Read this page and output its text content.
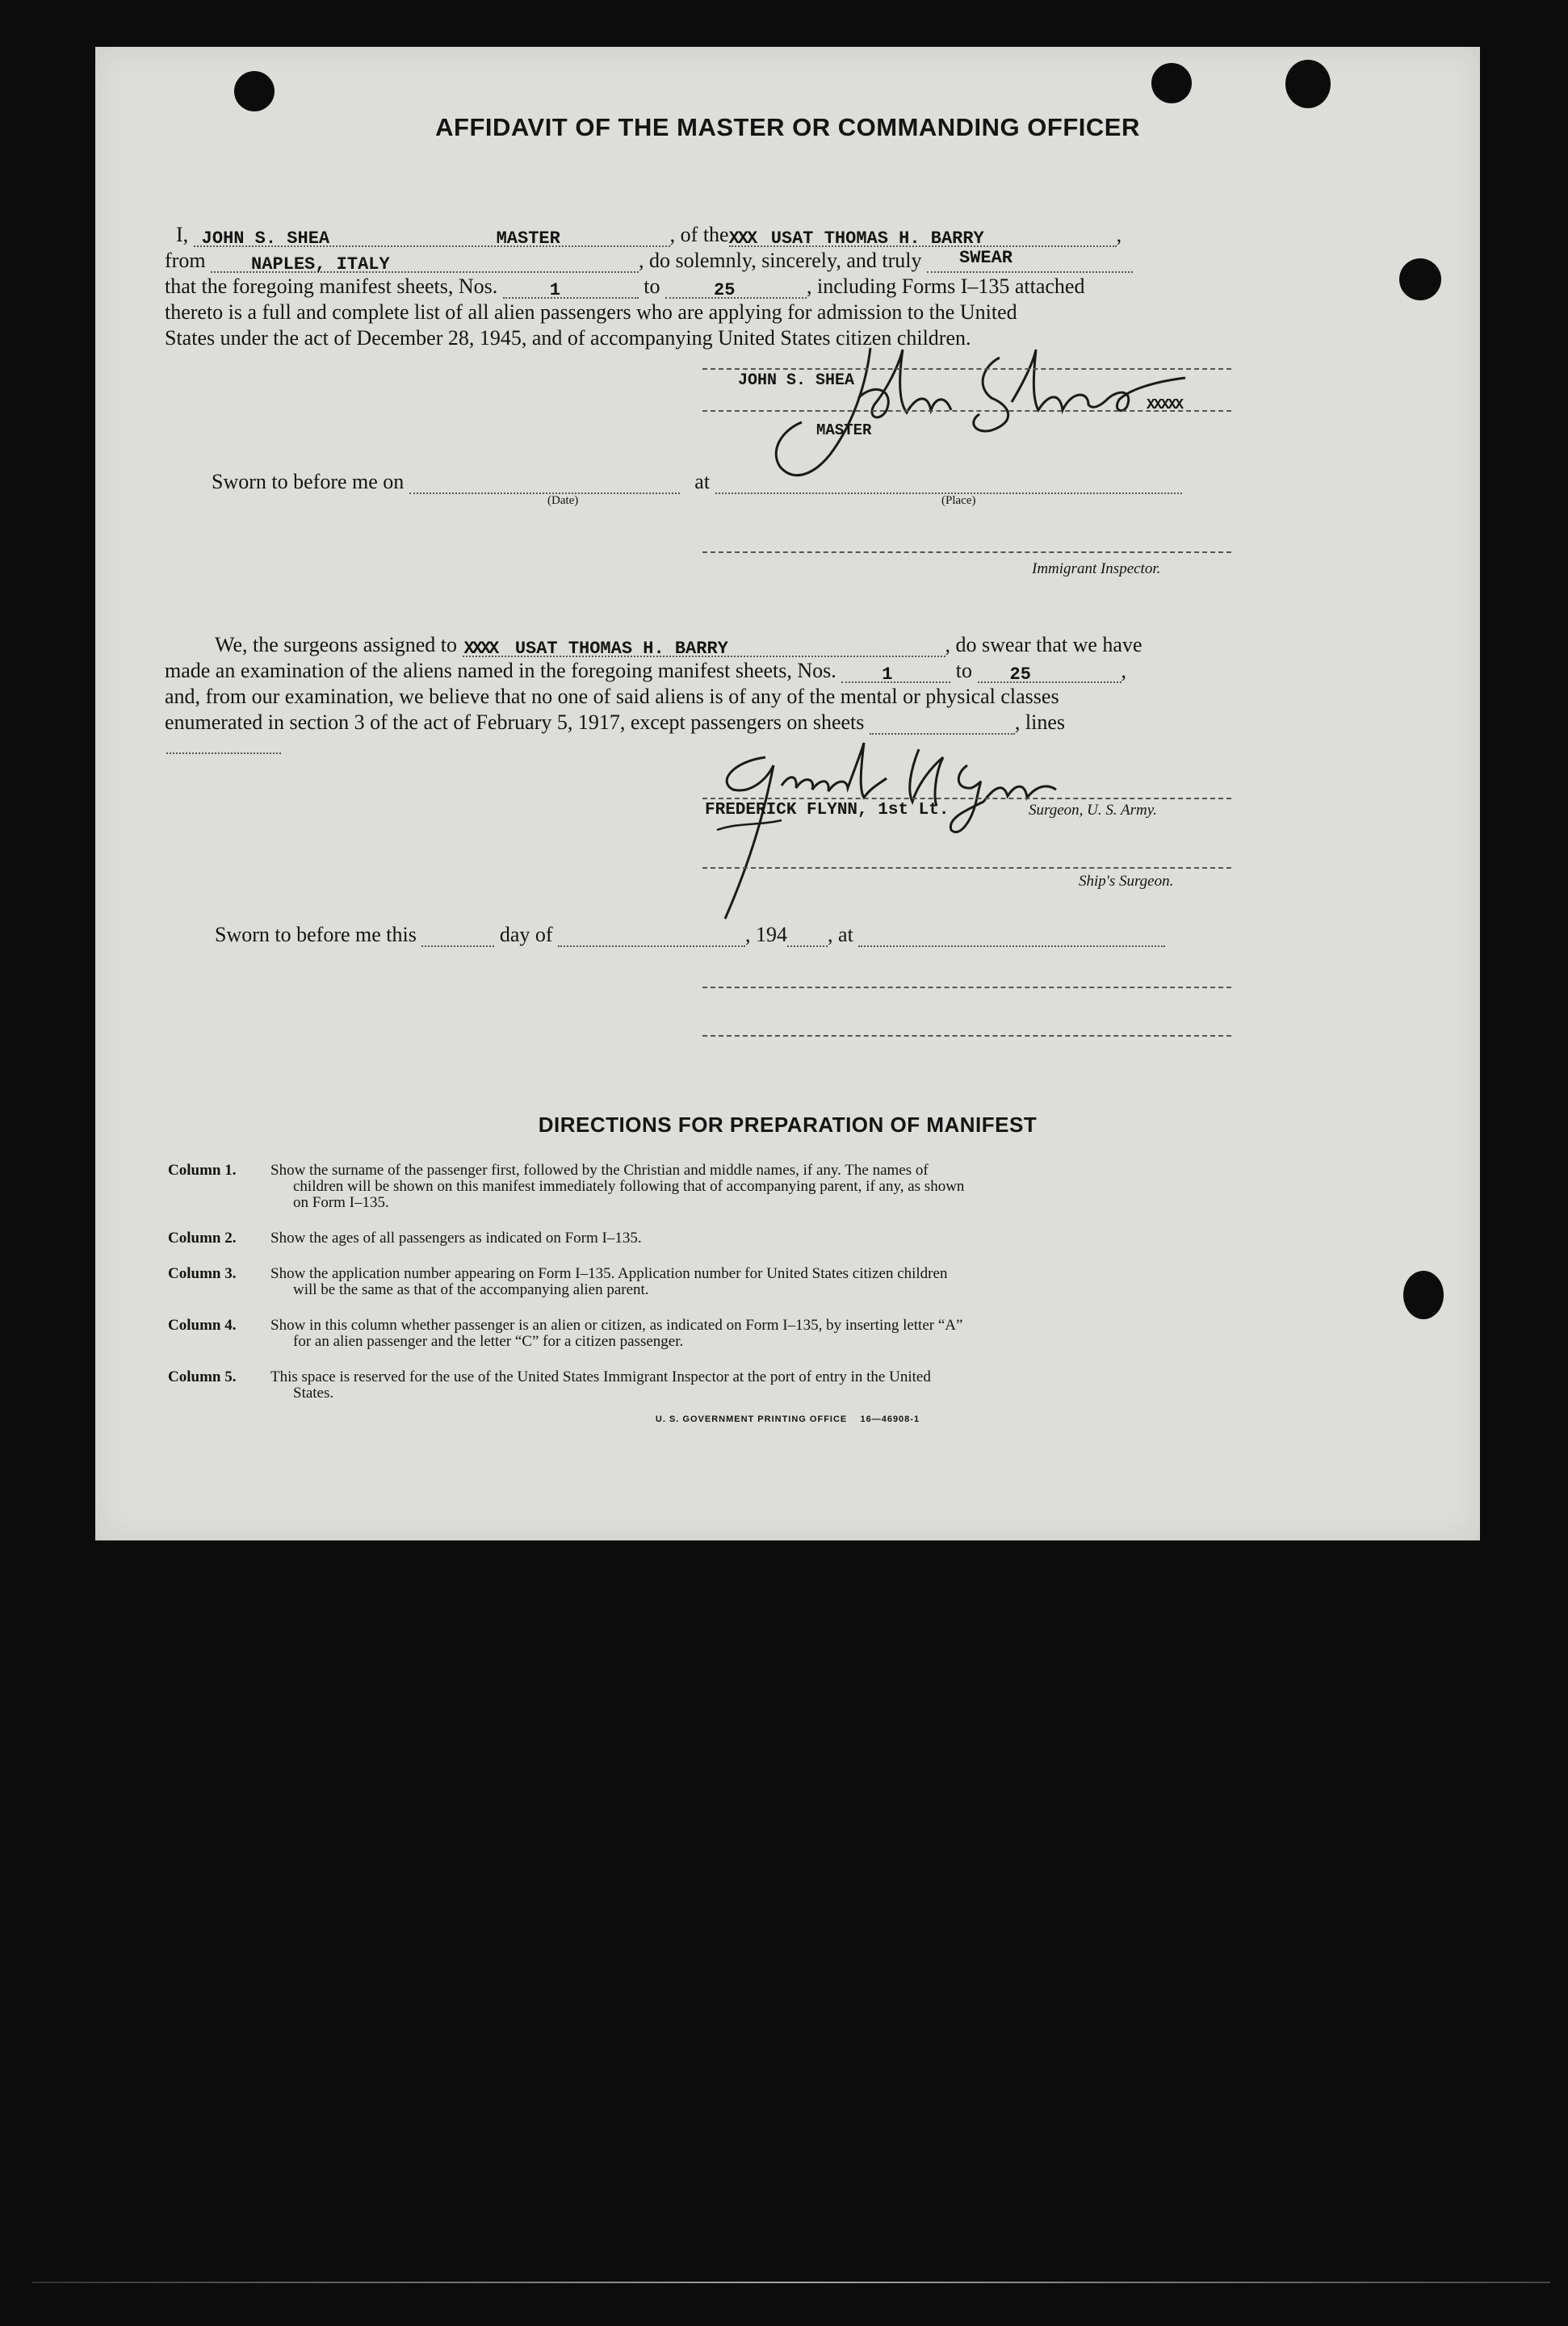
AFFIDAVIT OF THE MASTER OR COMMANDING OFFICER
I, JOHN S. SHEA	MASTER	, of theXXX USAT THOMAS H. BARRY	,
from	NAPLES, ITALY	, do solemnly, sincerely, and truly $^{SWEAR}$
that the foregoing manifest sheets, Nos.	1	to	25	, including Forms I–135 attached
thereto is a full and complete list of all alien passengers who are applying for admission to the United
States under the act of December 28, 1945, and of accompanying United States citizen children.
JOHN S. SHEA
XXXXX
MASTER
Sworn to before me on	at
(Date)	(Place)
Immigrant Inspector.
We, the surgeons assigned to XXXX USAT THOMAS H. BARRY	, do swear that we have
made an examination of the aliens named in the foregoing manifest sheets, Nos.	1	to 25	,
and, from our examination, we believe that no one of said aliens is of any of the mental or physical classes
enumerated in section 3 of the act of February 5, 1917, except passengers on sheets	, lines
FREDERICK FLYNN, 1st Lt.	Surgeon, U. S. Army.
Ship's Surgeon.
Sworn to before me this	day of	, 194 , at
DIRECTIONS FOR PREPARATION OF MANIFEST
Column 1.	Show the surname of the passenger first, followed by the Christian and middle names, if any. The names of
children will be shown on this manifest immediately following that of accompanying parent, if any, as shown
on Form I–135.
Column 2.	Show the ages of all passengers as indicated on Form I–135.
Column 3.	Show the application number appearing on Form I–135. Application number for United States citizen children
will be the same as that of the accompanying alien parent.
Column 4.	Show in this column whether passenger is an alien or citizen, as indicated on Form I–135, by inserting letter “A”
for an alien passenger and the letter “C” for a citizen passenger.
Column 5.	This space is reserved for the use of the United States Immigrant Inspector at the port of entry in the United
States.
U. S. GOVERNMENT PRINTING OFFICE    16—46908-1
